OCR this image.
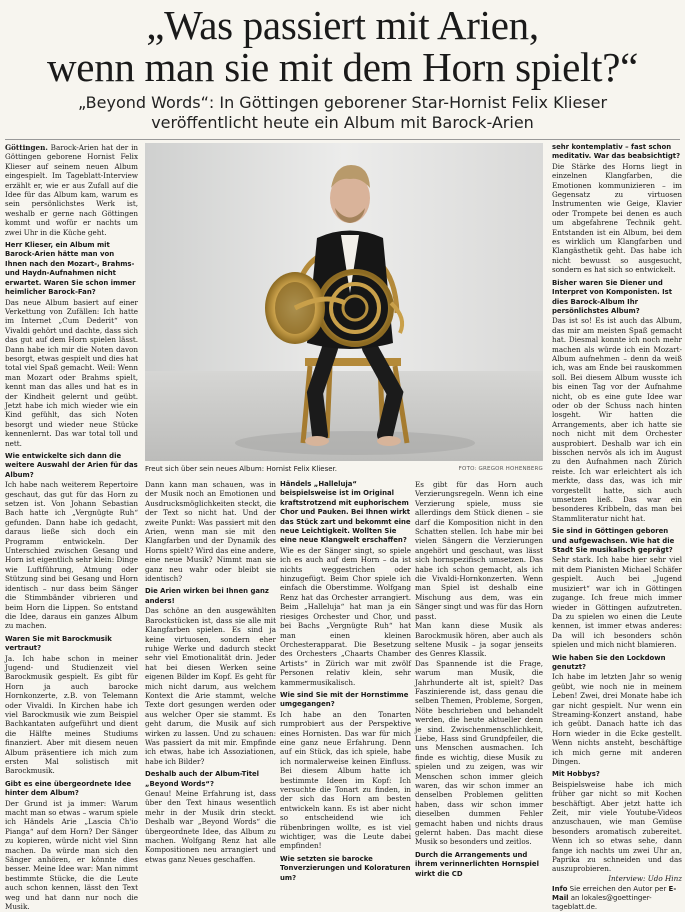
„Was passiert mit Arien,
wenn man sie mit dem Horn spielt?“
„Beyond Words“: In Göttingen geborener Star-Hornist Felix Klieser
veröffentlicht heute ein Album mit Barock-Arien
Freut sich über sein neues Album: Hornist Felix Klieser.	FOTO: GREGOR HOHENBERG

Göttingen. Barock-Arien hat der in Göttingen geborene Hornist Felix Klieser auf seinem neuen Album eingespielt. Im Tageblatt-Interview erzählt er, wie er aus Zufall auf die Idee für das Album kam, warum es sein persönlichstes Werk ist, weshalb er gerne nach Göttingen kommt und wofür er nachts um zwei Uhr in die Küche geht.

Herr Klieser, ein Album mit Barock-Arien hätte man von Ihnen nach den Mozart-, Brahms- und Haydn-Aufnahmen nicht erwartet. Waren Sie schon immer heimlicher Barock-Fan?

Das neue Album basiert auf einer Verkettung von Zufällen: Ich hatte im Internet „Cum Dederit“ von Vivaldi gehört und dachte, dass sich das gut auf dem Horn spielen lässt. Dann habe ich mir die Noten davon besorgt, etwas gespielt und dies hat total viel Spaß gemacht. Weil: Wenn man Mozart oder Brahms spielt, kennt man das alles und hat es in der Kindheit gelernt und geübt. Jetzt habe ich mich wieder wie ein Kind gefühlt, das sich Noten besorgt und wieder neue Stücke kennenlernt. Das war total toll und nett.

Wie entwickelte sich dann die weitere Auswahl der Arien für das Album?

Ich habe nach weiterem Repertoire geschaut, das gut für das Horn zu setzen ist. Von Johann Sebastian Bach hatte ich „Vergnügte Ruh“ gefunden. Dann habe ich gedacht, daraus ließe sich doch ein Programm entwickeln. Der Unterschied zwischen Gesang und Horn ist eigentlich sehr klein: Dinge wie Luftführung, Atmung oder Stützung sind bei Gesang und Horn identisch – nur dass beim Sänger die Stimmbänder vibrieren und beim Horn die Lippen. So entstand die Idee, daraus ein ganzes Album zu machen.

Waren Sie mit Barockmusik vertraut?

Ja. Ich habe schon in meiner Jugend- und Studienzeit viel Barockmusik gespielt. Es gibt für Horn ja auch barocke Hornkonzerte, z.B. von Telemann oder Vivaldi. In Kirchen habe ich viel Barockmusik wie zum Beispiel Bachkantaten aufgeführt und dient die Hälfte meines Studiums finanziert. Aber mit diesem neuen Album präsentiere ich mich zum ersten Mal solistisch mit Barockmusik.

Gibt es eine übergeordnete Idee hinter dem Album?

Der Grund ist ja immer: Warum macht man so etwas – warum spiele ich Händels Arie „Lascia Ch'io Pianga“ auf dem Horn? Der Sänger zu kopieren, würde nicht viel Sinn machen. Da würde man sich den Sänger anhören, er könnte dies besser. Meine Idee war: Man nimmt bestimmte Stücke, die die Leute auch schon kennen, lässt den Text weg und hat dann nur noch die Musik.

Dann kann man schauen, was in der Musik noch an Emotionen und Ausdrucksmöglichkeiten steckt, die der Text so nicht hat. Und der zweite Punkt: Was passiert mit den Arien, wenn man sie mit den Klangfarben und der Dynamik des Horns spielt? Wird das eine andere, eine neue Musik? Nimmt man sie ganz neu wahr oder bleibt sie identisch?

Die Arien wirken bei Ihnen ganz anders!

Das schöne an den ausgewählten Barockstücken ist, dass sie alle mit Klangfarben spielen. Es sind ja keine virtuosen, sondern eher ruhige Werke und dadurch steckt sehr viel Emotionalität drin. Jeder hat bei diesen Werken seine eigenen Bilder im Kopf. Es geht für mich nicht darum, aus welchem Kontext die Arie stammt, welche Texte dort gesungen werden oder aus welcher Oper sie stammt. Es geht darum, die Musik auf sich wirken zu lassen. Und zu schauen: Was passiert da mit mir. Empfinde ich etwas, habe ich Assoziationen, habe ich Bilder?

Deshalb auch der Album-Titel „Beyond Words“?

Genau! Meine Erfahrung ist, dass über den Text hinaus wesentlich mehr in der Musik drin steckt. Deshalb war „Beyond Words“ die übergeordnete Idee, das Album zu machen. Wolfgang Renz hat alle Kompositionen neu arrangiert und etwas ganz Neues geschaffen.

Händels „Halleluja“ beispielsweise ist im Original kraftstrotzend mit euphorischem Chor und Pauken. Bei Ihnen wirkt das Stück zart und bekommt eine neue Leichtigkeit. Wollten Sie eine neue Klangwelt erschaffen?

Wie es der Sänger singt, so spiele ich es auch auf dem Horn – da ist nichts weggestrichen oder hinzugefügt. Beim Chor spiele ich einfach die Oberstimme. Wolfgang Renz hat das Orchester arrangiert. Beim „Halleluja“ hat man ja ein riesiges Orchester und Chor, und bei Bachs „Vergnügte Ruh“ hat man einen kleinen Orchesterapparat. Die Besetzung des Orchesters „Chaarts Chamber Artists“ in Zürich war mit zwölf Personen relativ klein, sehr kammermusikalisch.

Wie sind Sie mit der Hornstimme umgegangen?

Ich habe an den Tonarten rumprobiert aus der Perspektive eines Hornisten. Das war für mich eine ganz neue Erfahrung. Denn auf ein Stück, das ich spiele, habe ich normalerweise keinen Einfluss. Bei diesem Album hatte ich bestimmte Ideen im Kopf: Ich versuchte die Tonart zu finden, in der sich das Horn am besten entwickeln kann. Es ist aber nicht so entscheidend wie ich rübenbringen wollte, es ist viel wichtiger, was die Leute dabei empfinden!

Wie setzten sie barocke Tonverzierungen und Koloraturen um?

Es gibt für das Horn auch Verzierungsregeln. Wenn ich eine Verzierung spiele, muss sie allerdings dem Stück dienen – sie darf die Komposition nicht in den Schatten stellen. Ich habe mir bei vielen Sängern die Verzierungen angehört und geschaut, was lässt sich hornspezifisch umsetzen. Das habe ich schon gemacht, als ich die Vivaldi-Hornkonzerten. Wenn man Spiel ist deshalb eine Mischung aus dem, was ein Sänger singt und was für das Horn passt.

Man kann diese Musik als Barockmusik hören, aber auch als seltene Musik – ja sogar jenseits des Genres Klassik.

Das Spannende ist die Frage, warum man Musik, die Jahrhunderte alt ist, spielt? Das Faszinierende ist, dass genau die selben Themen, Probleme, Sorgen, Nöte beschrieben und behandelt werden, die heute aktueller denn je sind. Zwischenmenschlichkeit, Liebe, Hass sind Grundpfeiler, die uns Menschen ausmachen. Ich finde es wichtig, diese Musik zu spielen und zu zeigen, was wir Menschen schon immer gleich waren, das wir schon immer an denselben Problemen gelitten haben, dass wir schon immer dieselben dummen Fehler gemacht haben und nichts draus gelernt haben. Das macht diese Musik so besonders und zeitlos.

Durch die Arrangements und ihrem verinnerlichten Hornspiel wirkt die CD

sehr kontemplativ – fast schon meditativ. War das beabsichtigt?

Die Stärke des Horns liegt in einzelnen Klangfarben, die Emotionen kommunizieren – im Gegensatz zu virtuosen Instrumenten wie Geige, Klavier oder Trompete bei denen es auch um abgefahrene Technik geht. Entstanden ist ein Album, bei dem es wirklich um Klangfarben und Klangästhetik geht. Das habe ich nicht bewusst so ausgesucht, sondern es hat sich so entwickelt.

Bisher waren Sie Diener und Interpret von Komponisten. Ist dies Barock-Album Ihr persönlichstes Album?

Das ist so! Es ist auch das Album, das mir am meisten Spaß gemacht hat. Diesmal konnte ich noch mehr machen als würde ich ein Mozart-Album aufnehmen – denn da weiß ich, was am Ende bei rauskommen soll. Bei diesem Album wusste ich bis einen Tag vor der Aufnahme nicht, ob es eine gute Idee war oder ob der Schuss nach hinten losgeht. Wir hatten die Arrangements, aber ich hatte sie noch nicht mit dem Orchester ausprobiert. Deshalb war ich ein bisschen nervös als ich im August zu den Aufnahmen nach Zürich reiste. Ich war erleichtert als ich merkte, dass das, was ich mir vorgestellt hatte, sich auch umsetzen ließ. Das war ein besonderes Kribbeln, das man bei Stammliteratur nicht hat.

Sie sind in Göttingen geboren und aufgewachsen. Wie hat die Stadt Sie musikalisch geprägt?

Sehr stark. Ich habe hier sehr viel mit dem Pianisten Michael Schäfer gespielt. Auch bei „Jugend musiziert“ war ich in Göttingen zugange. Ich freue mich immer wieder in Göttingen aufzutreten. Da zu spielen wo einen die Leute kennen, ist immer etwas anderes: Da will ich besonders schön spielen und mich nicht blamieren.

Wie haben Sie den Lockdown genutzt?

Ich habe im letzten Jahr so wenig geübt, wie noch nie in meinem Leben! Zwei, drei Monate habe ich gar nicht gespielt. Nur wenn ein Streaming-Konzert anstand, habe ich geübt. Danach hatte ich das Horn wieder in die Ecke gestellt. Wenn nichts ansteht, beschäftige ich mich gerne mit anderen Dingen.

Mit Hobbys?

Beispielsweise habe ich mich früher gar nicht so mit Kochen beschäftigt. Aber jetzt hatte ich Zeit, mir viele Youtube-Videos anzuschauen, wie man Gemüse besonders aromatisch zubereitet. Wenn ich so etwas sehe, dann fange ich nachts um zwei Uhr an, Paprika zu schneiden und das auszuprobieren.

Interview: Udo Hinz
Info Sie erreichen den Autor per E-Mail an lokales@goettinger-tageblatt.de.
